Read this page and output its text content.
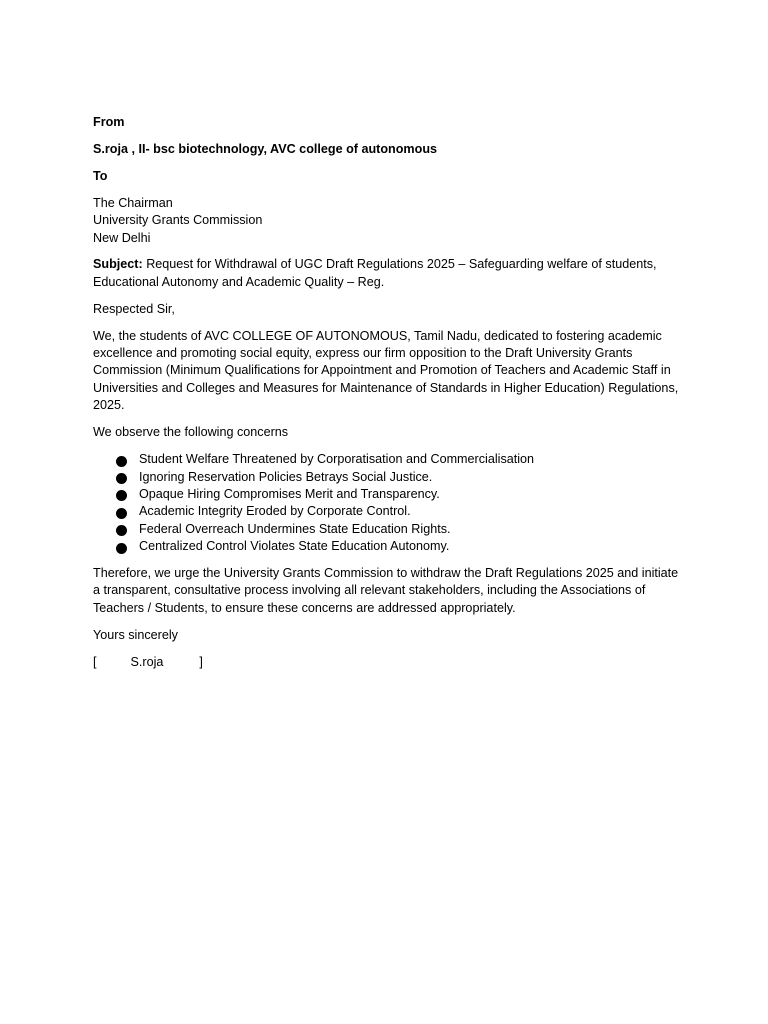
From

S.roja , II- bsc biotechnology, AVC college of autonomous

To

The Chairman
University Grants Commission
New Delhi

Subject: Request for Withdrawal of UGC Draft Regulations 2025 – Safeguarding welfare of students, Educational Autonomy and Academic Quality – Reg.

Respected Sir,

We, the students of AVC COLLEGE OF AUTONOMOUS, Tamil Nadu, dedicated to fostering academic excellence and promoting social equity, express our firm opposition to the Draft University Grants Commission (Minimum Qualifications for Appointment and Promotion of Teachers and Academic Staff in Universities and Colleges and Measures for Maintenance of Standards in Higher Education) Regulations, 2025.

We observe the following concerns

Student Welfare Threatened by Corporatisation and Commercialisation
Ignoring Reservation Policies Betrays Social Justice.
Opaque Hiring Compromises Merit and Transparency.
Academic Integrity Eroded by Corporate Control.
Federal Overreach Undermines State Education Rights.
Centralized Control Violates State Education Autonomy.

Therefore, we urge the University Grants Commission to withdraw the Draft Regulations 2025 and initiate a transparent, consultative process involving all relevant stakeholders, including the Associations of Teachers / Students, to ensure these concerns are addressed appropriately.

Yours sincerely

[	S.roja	]
